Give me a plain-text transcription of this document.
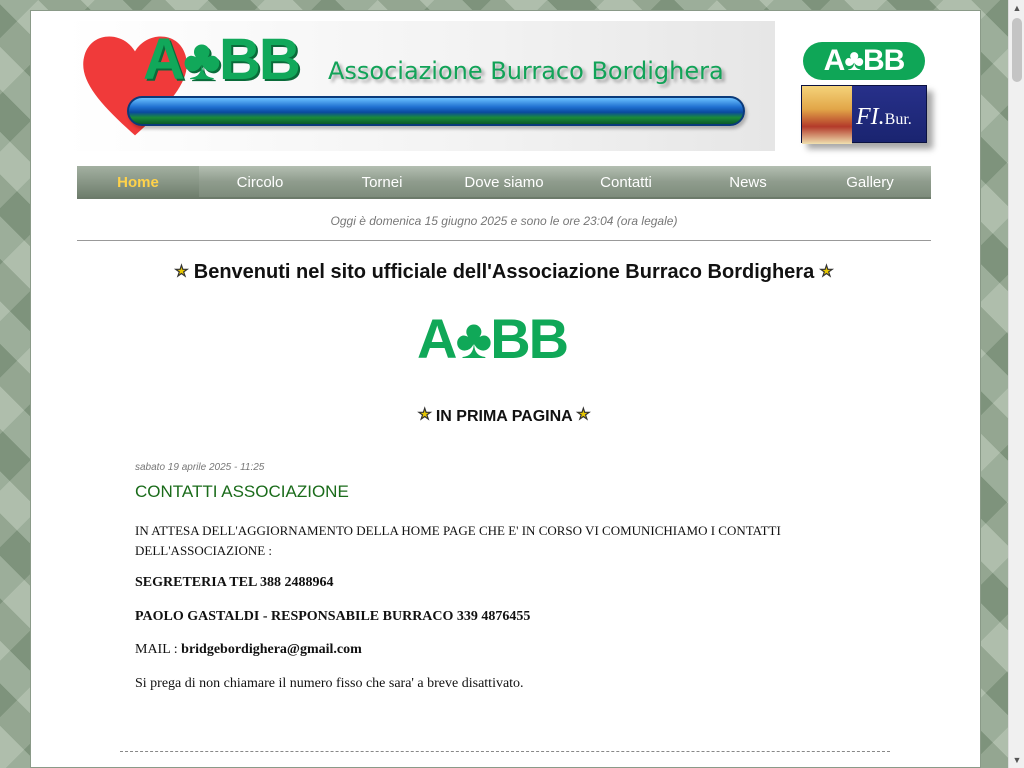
A♣BB Associazione Burraco Bordighera	A♣BB
FI.Bur.
Home	Circolo	Tornei	Dove siamo	Contatti	News	Gallery
Oggi è domenica 15 giugno 2025 e sono le ore 23:04 (ora legale)
★ Benvenuti nel sito ufficiale dell'Associazione Burraco Bordighera ★
A♣BB
★ IN PRIMA PAGINA ★
sabato 19 aprile 2025 - 11:25
CONTATTI ASSOCIAZIONE
IN ATTESA DELL'AGGIORNAMENTO DELLA HOME PAGE CHE E' IN CORSO VI COMUNICHIAMO I CONTATTI DELL'ASSOCIAZIONE :
SEGRETERIA TEL 388 2488964
PAOLO GASTALDI - RESPONSABILE BURRACO 339 4876455
MAIL : bridgebordighera@gmail.com
Si prega di non chiamare il numero fisso che sara' a breve disattivato.
▲
▼
